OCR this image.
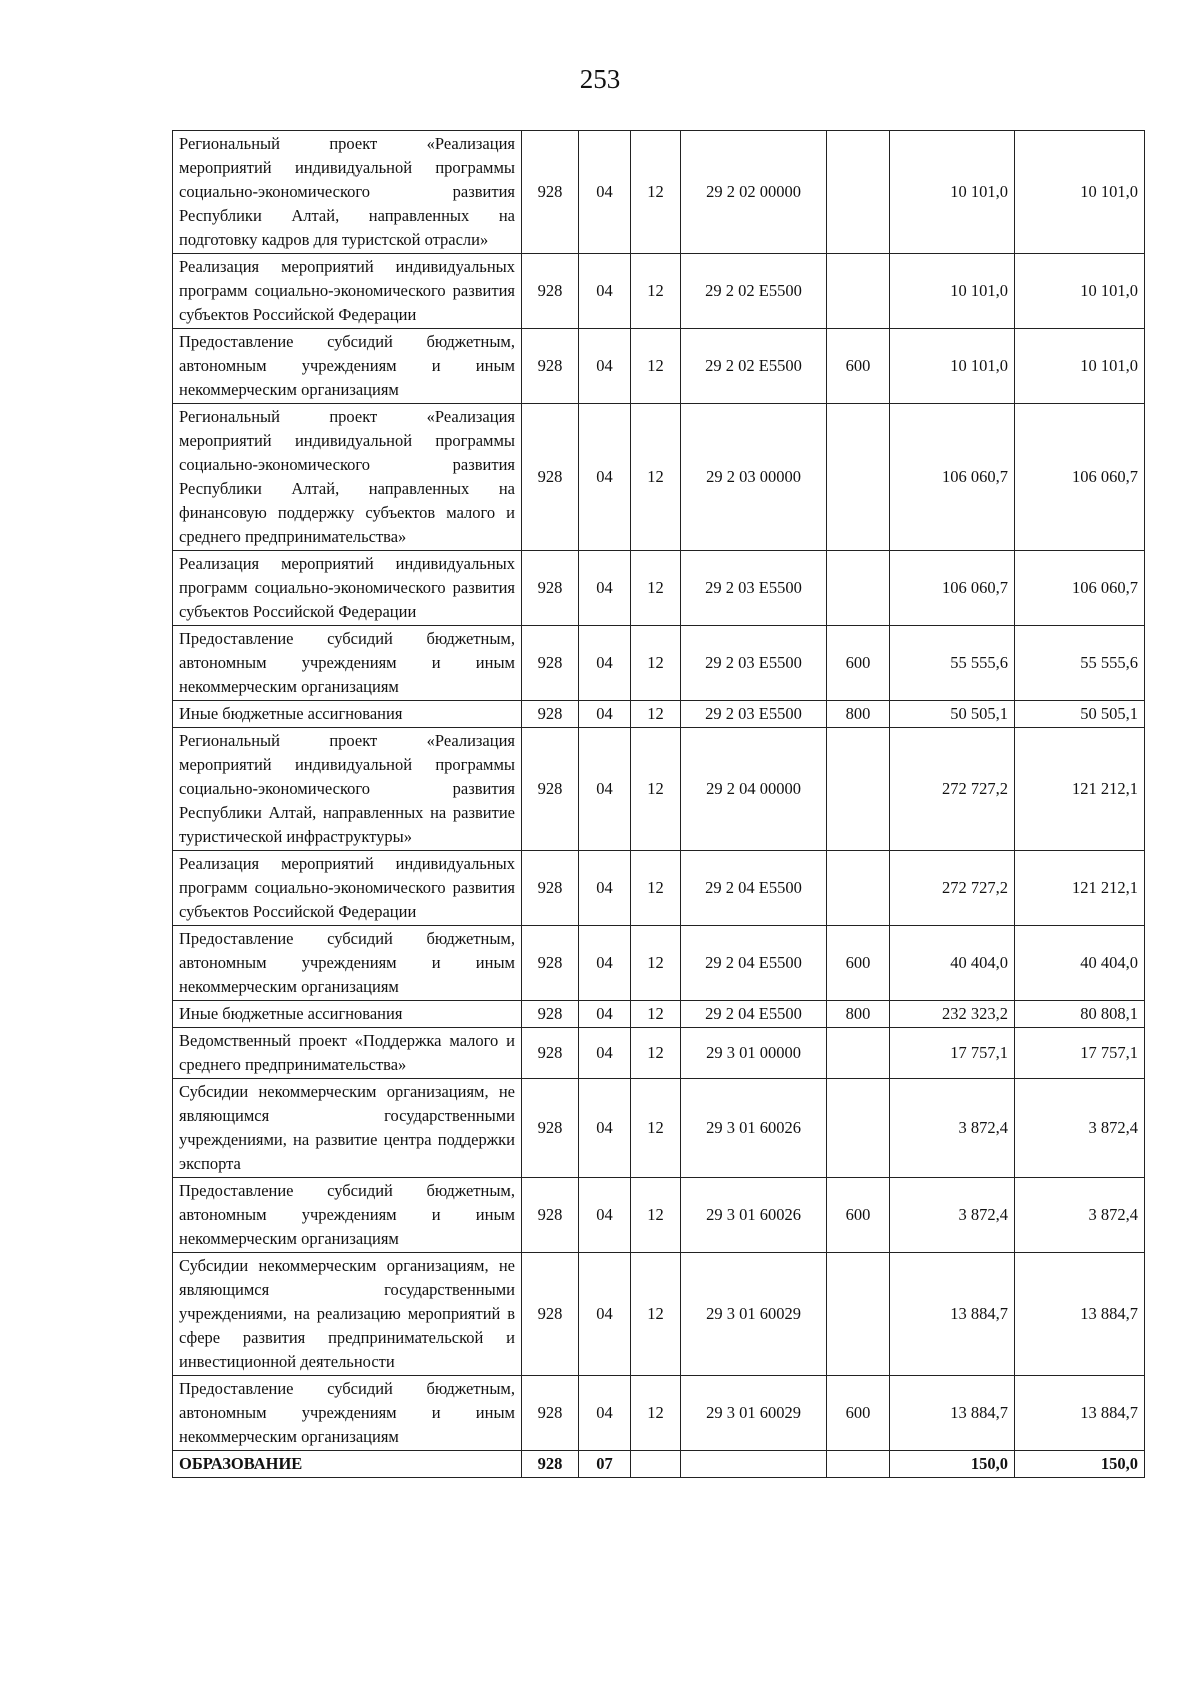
253
Региональный проект «Реализация мероприятий индивидуальной программы социально-экономического развития Республики Алтай, направленных на подготовку кадров для туристской отрасли»	928	04	12	29 2 02 00000		10 101,0	10 101,0
Реализация мероприятий индивидуальных программ социально-экономического развития субъектов Российской Федерации	928	04	12	29 2 02 E5500		10 101,0	10 101,0
Предоставление субсидий бюджетным, автономным учреждениям и иным некоммерческим организациям	928	04	12	29 2 02 E5500	600	10 101,0	10 101,0
Региональный проект «Реализация мероприятий индивидуальной программы социально-экономического развития Республики Алтай, направленных на финансовую поддержку субъектов малого и среднего предпринимательства»	928	04	12	29 2 03 00000		106 060,7	106 060,7
Реализация мероприятий индивидуальных программ социально-экономического развития субъектов Российской Федерации	928	04	12	29 2 03 E5500		106 060,7	106 060,7
Предоставление субсидий бюджетным, автономным учреждениям и иным некоммерческим организациям	928	04	12	29 2 03 E5500	600	55 555,6	55 555,6
Иные бюджетные ассигнования	928	04	12	29 2 03 E5500	800	50 505,1	50 505,1
Региональный проект «Реализация мероприятий индивидуальной программы социально-экономического развития Республики Алтай, направленных на развитие туристической инфраструктуры»	928	04	12	29 2 04 00000		272 727,2	121 212,1
Реализация мероприятий индивидуальных программ социально-экономического развития субъектов Российской Федерации	928	04	12	29 2 04 E5500		272 727,2	121 212,1
Предоставление субсидий бюджетным, автономным учреждениям и иным некоммерческим организациям	928	04	12	29 2 04 E5500	600	40 404,0	40 404,0
Иные бюджетные ассигнования	928	04	12	29 2 04 E5500	800	232 323,2	80 808,1
Ведомственный проект «Поддержка малого и среднего предпринимательства»	928	04	12	29 3 01 00000		17 757,1	17 757,1
Субсидии некоммерческим организациям, не являющимся государственными учреждениями, на развитие центра поддержки экспорта	928	04	12	29 3 01 60026		3 872,4	3 872,4
Предоставление субсидий бюджетным, автономным учреждениям и иным некоммерческим организациям	928	04	12	29 3 01 60026	600	3 872,4	3 872,4
Субсидии некоммерческим организациям, не являющимся государственными учреждениями, на реализацию мероприятий в сфере развития предпринимательской и инвестиционной деятельности	928	04	12	29 3 01 60029		13 884,7	13 884,7
Предоставление субсидий бюджетным, автономным учреждениям и иным некоммерческим организациям	928	04	12	29 3 01 60029	600	13 884,7	13 884,7
ОБРАЗОВАНИЕ	928	07				150,0	150,0
